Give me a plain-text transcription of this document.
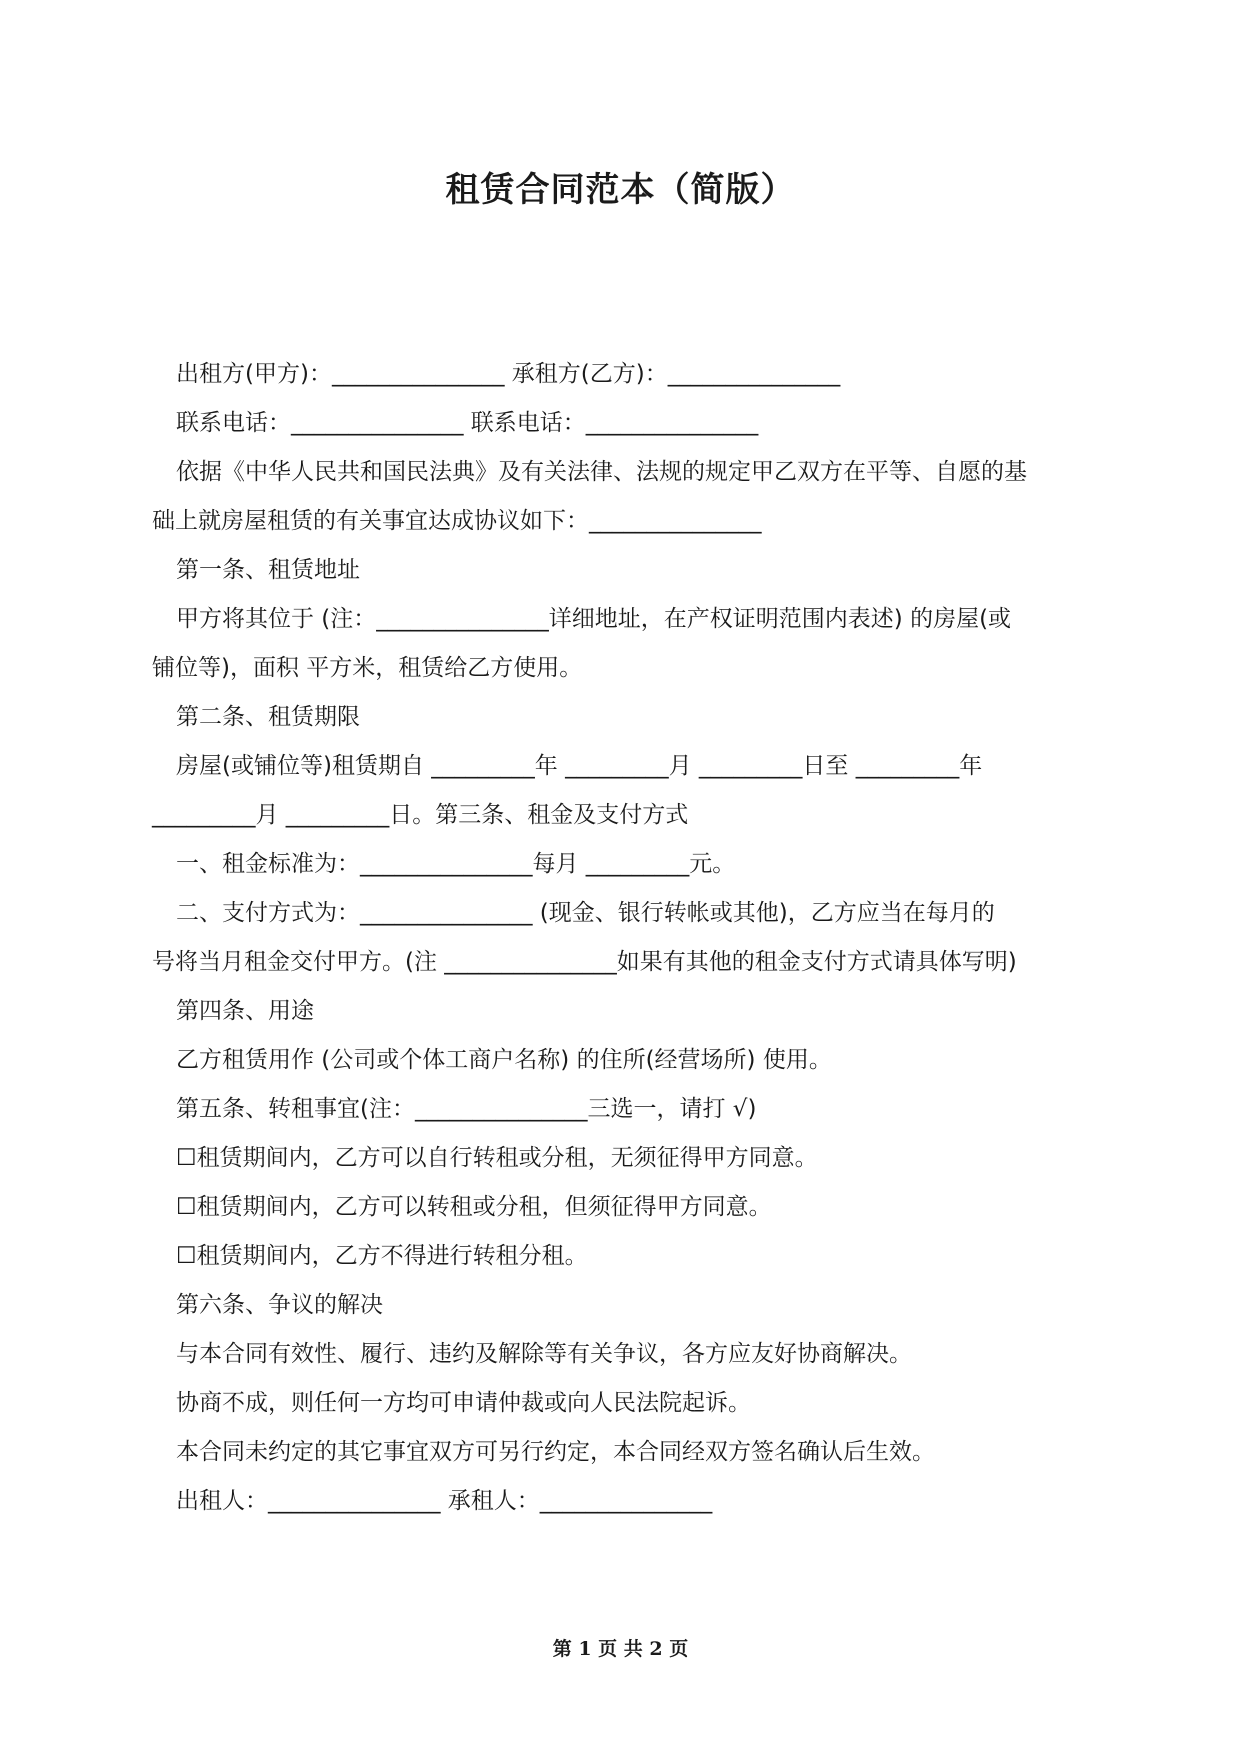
租赁合同范本（简版）
出租方(甲方)：_______________ 承租方(乙方)：_______________
联系电话：_______________ 联系电话：_______________
依据《中华人民共和国民法典》及有关法律、法规的规定甲乙双方在平等、自愿的基
础上就房屋租赁的有关事宜达成协议如下：_______________
第一条、租赁地址
甲方将其位于 (注：_______________详细地址，在产权证明范围内表述) 的房屋(或
铺位等)，面积 平方米，租赁给乙方使用。
第二条、租赁期限
房屋(或铺位等)租赁期自 _________年 _________月 _________日至 _________年
_________月 _________日。第三条、租金及支付方式
一、租金标准为：_______________每月 _________元。
二、支付方式为：_______________ (现金、银行转帐或其他)，乙方应当在每月的
号将当月租金交付甲方。(注 _______________如果有其他的租金支付方式请具体写明)
第四条、用途
乙方租赁用作 (公司或个体工商户名称) 的住所(经营场所) 使用。
第五条、转租事宜(注：_______________三选一，请打 √)
☐租赁期间内，乙方可以自行转租或分租，无须征得甲方同意。
☐租赁期间内，乙方可以转租或分租，但须征得甲方同意。
☐租赁期间内，乙方不得进行转租分租。
第六条、争议的解决
与本合同有效性、履行、违约及解除等有关争议，各方应友好协商解决。
协商不成，则任何一方均可申请仲裁或向人民法院起诉。
本合同未约定的其它事宜双方可另行约定，本合同经双方签名确认后生效。
出租人：_______________ 承租人：_______________
第 1 页 共 2 页
